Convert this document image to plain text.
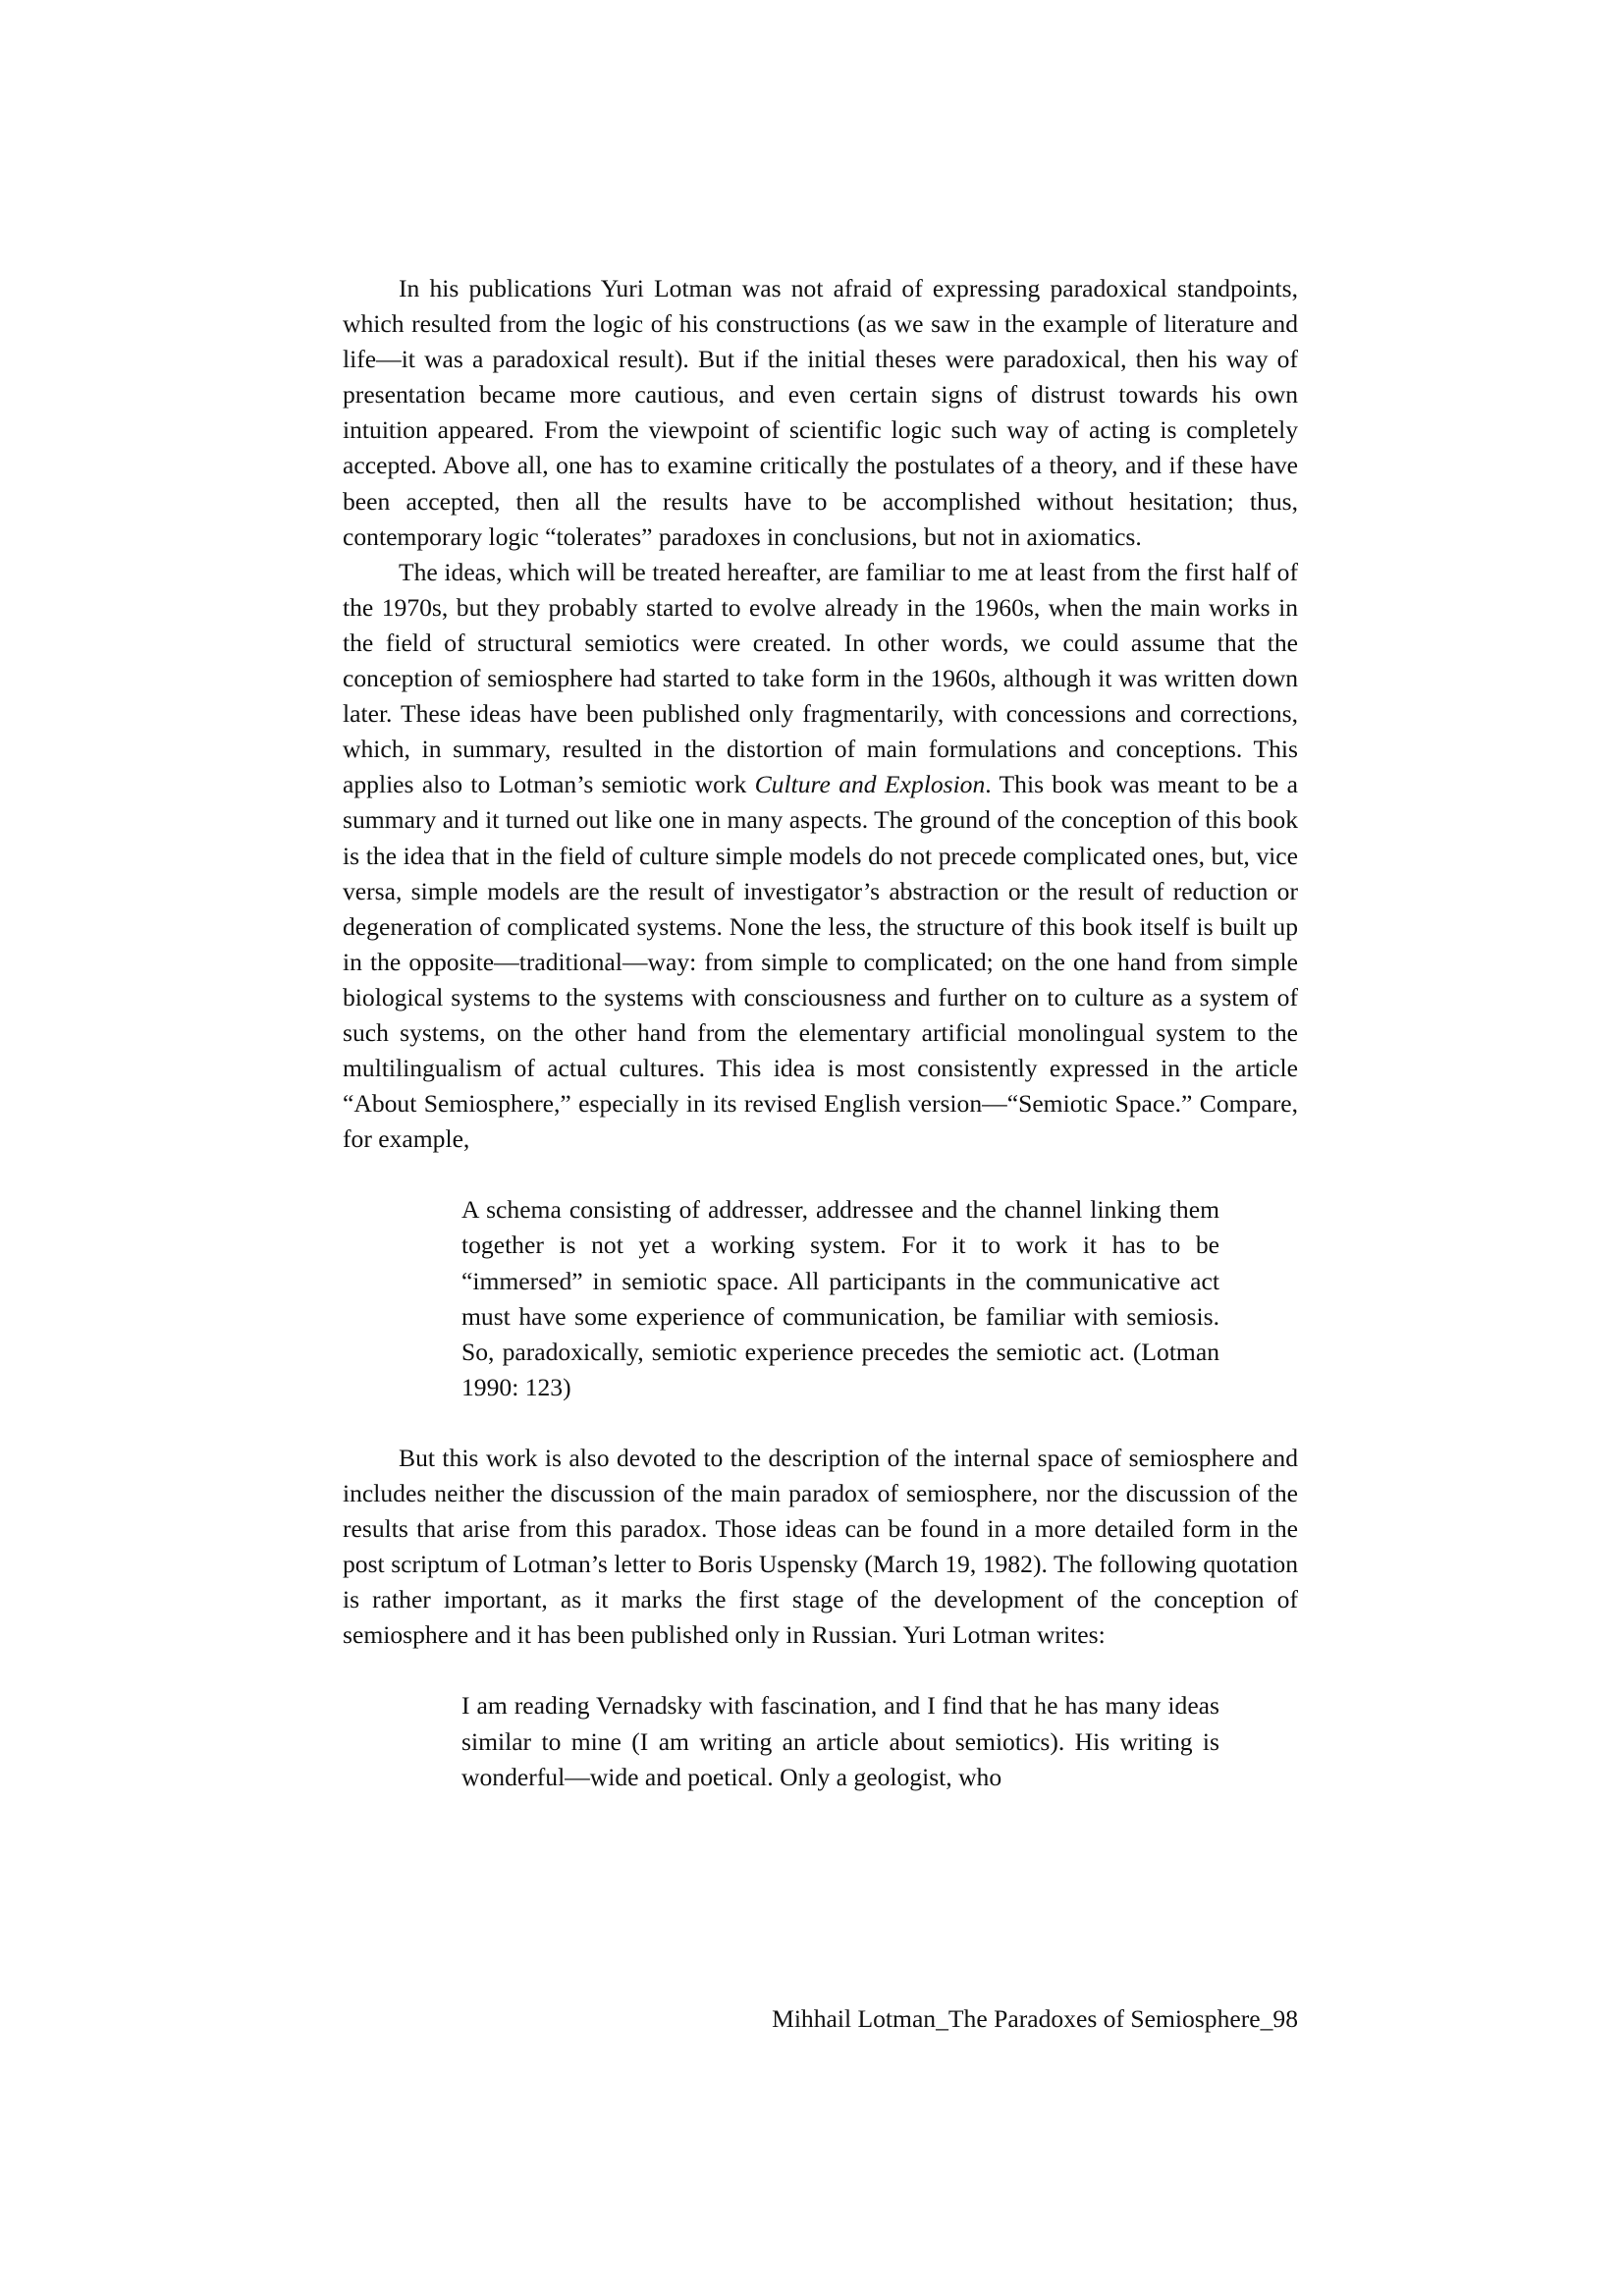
In his publications Yuri Lotman was not afraid of expressing paradoxical standpoints, which resulted from the logic of his constructions (as we saw in the example of literature and life—it was a paradoxical result). But if the initial theses were paradoxical, then his way of presentation became more cautious, and even certain signs of distrust towards his own intuition appeared. From the viewpoint of scientific logic such way of acting is completely accepted. Above all, one has to examine critically the postulates of a theory, and if these have been accepted, then all the results have to be accomplished without hesitation; thus, contemporary logic “tolerates” paradoxes in conclusions, but not in axiomatics.

The ideas, which will be treated hereafter, are familiar to me at least from the first half of the 1970s, but they probably started to evolve already in the 1960s, when the main works in the field of structural semiotics were created. In other words, we could assume that the conception of semiosphere had started to take form in the 1960s, although it was written down later. These ideas have been published only fragmentarily, with concessions and corrections, which, in summary, resulted in the distortion of main formulations and conceptions. This applies also to Lotman’s semiotic work Culture and Explosion. This book was meant to be a summary and it turned out like one in many aspects. The ground of the conception of this book is the idea that in the field of culture simple models do not precede complicated ones, but, vice versa, simple models are the result of investigator’s abstraction or the result of reduction or degeneration of complicated systems. None the less, the structure of this book itself is built up in the opposite—traditional—way: from simple to complicated; on the one hand from simple biological systems to the systems with consciousness and further on to culture as a system of such systems, on the other hand from the elementary artificial monolingual system to the multilingualism of actual cultures. This idea is most consistently expressed in the article “About Semiosphere,” especially in its revised English version—“Semiotic Space.” Compare, for example,

A schema consisting of addresser, addressee and the channel linking them together is not yet a working system. For it to work it has to be “immersed” in semiotic space. All participants in the communicative act must have some experience of communication, be familiar with semiosis. So, paradoxically, semiotic experience precedes the semiotic act. (Lotman 1990: 123)

But this work is also devoted to the description of the internal space of semiosphere and includes neither the discussion of the main paradox of semiosphere, nor the discussion of the results that arise from this paradox. Those ideas can be found in a more detailed form in the post scriptum of Lotman’s letter to Boris Uspensky (March 19, 1982). The following quotation is rather important, as it marks the first stage of the development of the conception of semiosphere and it has been published only in Russian. Yuri Lotman writes:

I am reading Vernadsky with fascination, and I find that he has many ideas similar to mine (I am writing an article about semiotics). His writing is wonderful—wide and poetical. Only a geologist, who

Mihhail Lotman_The Paradoxes of Semiosphere_98
